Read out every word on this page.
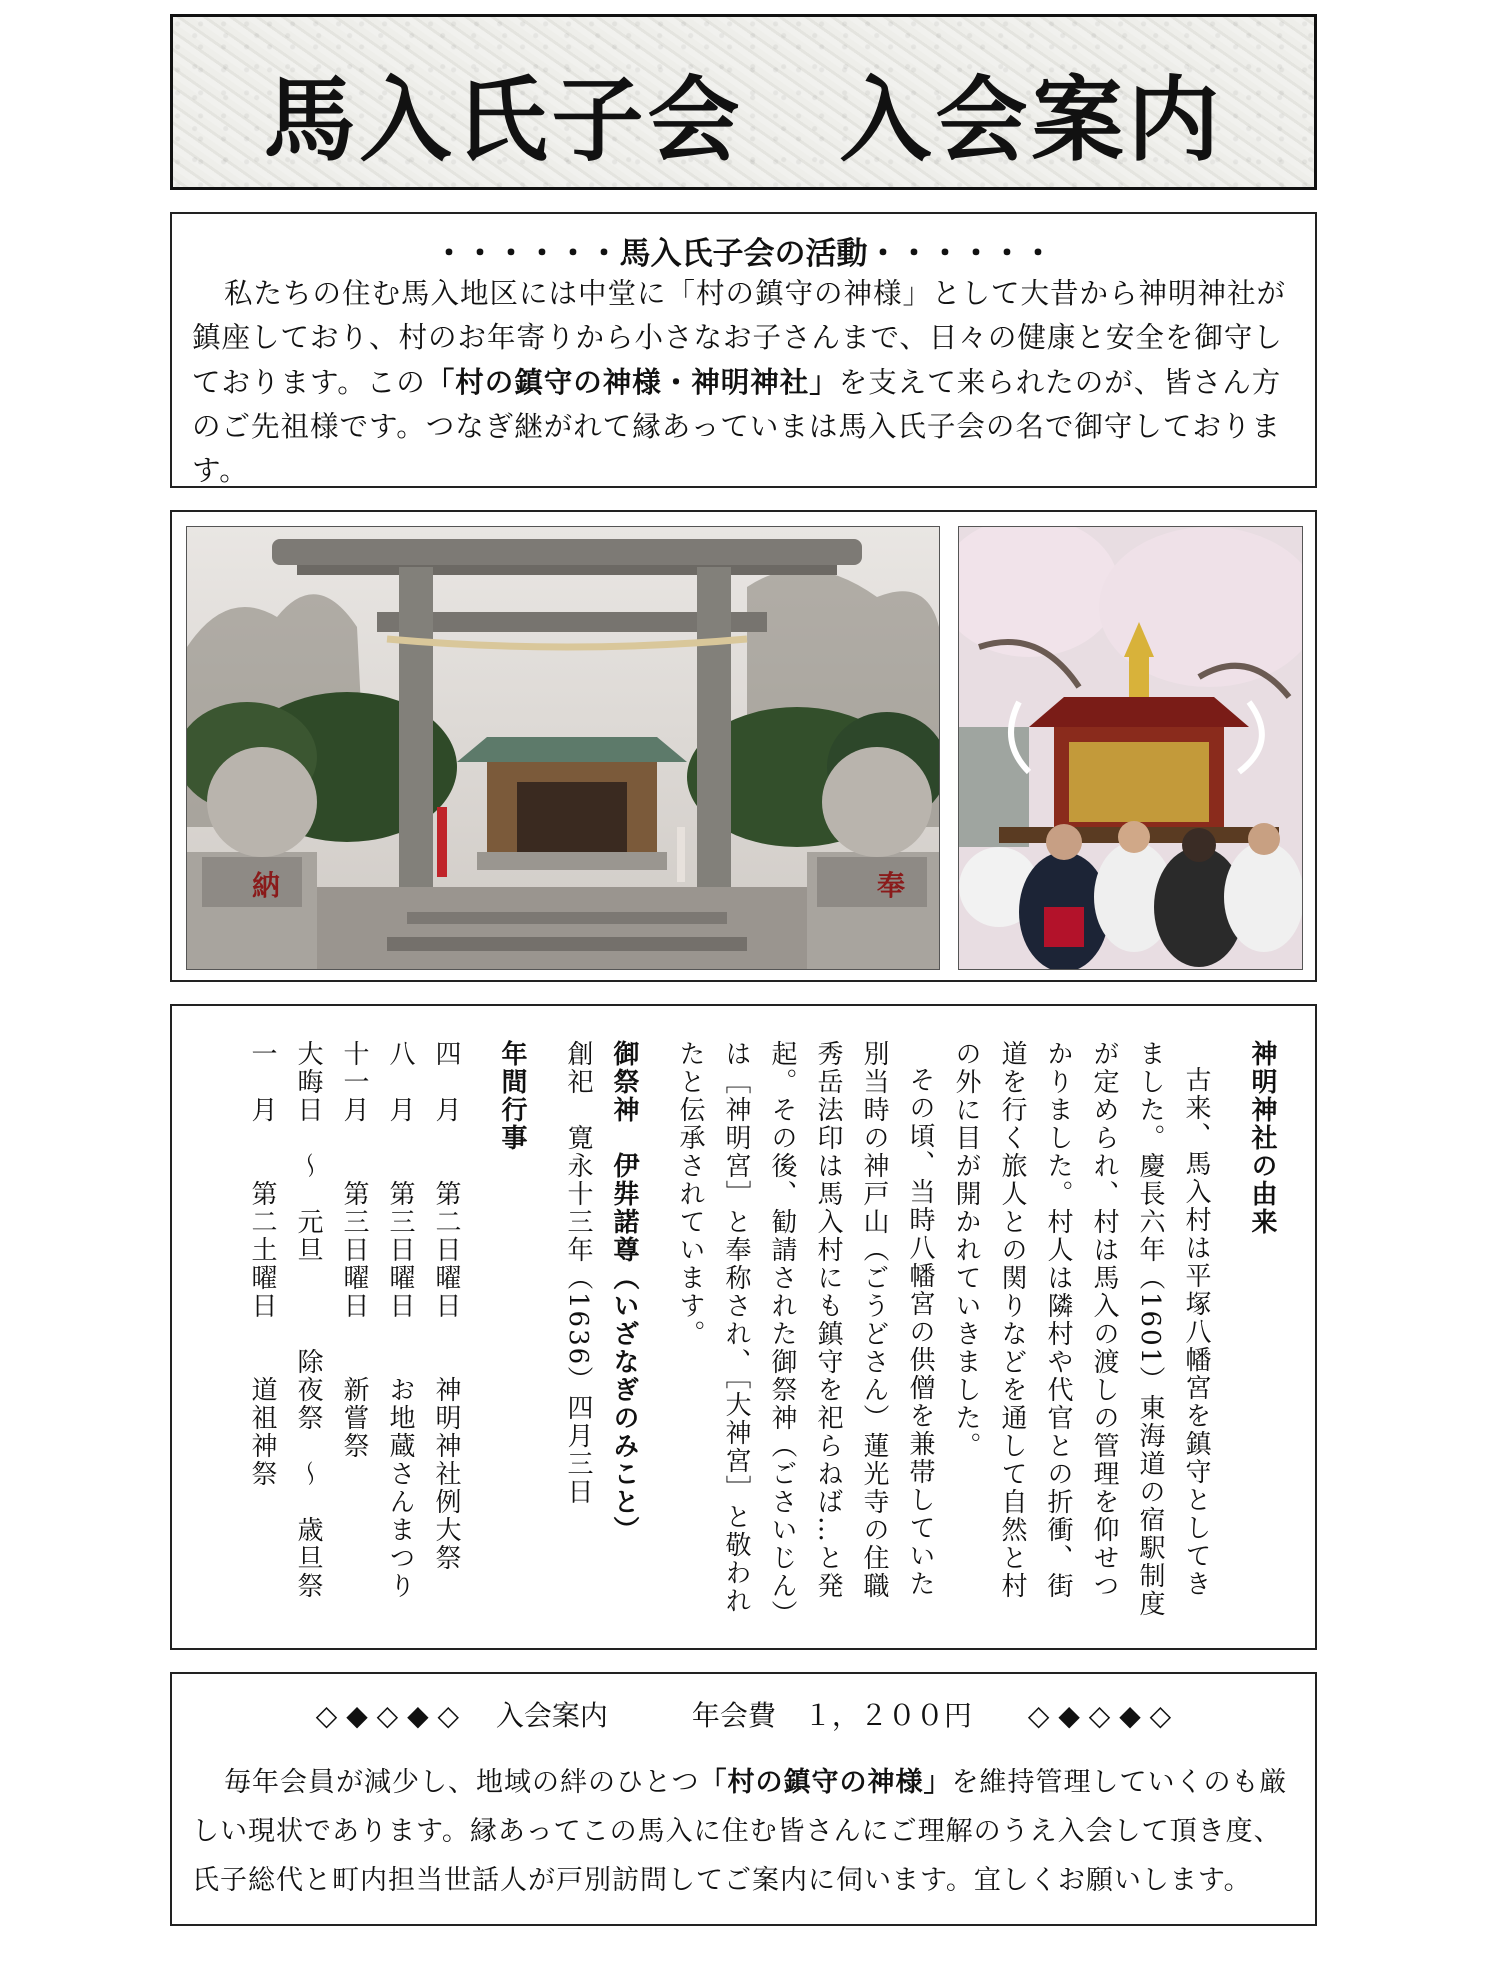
馬入氏子会　入会案内
・・・・・・馬入氏子会の活動・・・・・・
私たちの住む馬入地区には中堂に「村の鎮守の神様」として大昔から神明神社が鎮座しており、村のお年寄りから小さなお子さんまで、日々の健康と安全を御守しております。この「村の鎮守の神様・神明神社」を支えて来られたのが、皆さん方のご先祖様です。つなぎ継がれて縁あっていまは馬入氏子会の名で御守しております。
納	奉
神明神社の由来
古来、馬入村は平塚八幡宮を鎮守としてきました。慶長六年（1601）東海道の宿駅制度が定められ、村は馬入の渡しの管理を仰せつかりました。村人は隣村や代官との折衝、街道を行く旅人との関りなどを通して自然と村の外に目が開かれていきました。
その頃、当時八幡宮の供僧を兼帯していた別当時の神戸山（ごうどさん）蓮光寺の住職秀岳法印は馬入村にも鎮守を祀らねば…と発起。その後、勧請された御祭神（ごさいじん）は［神明宮］と奉称され、［大神宮］と敬われたと伝承されています。
御祭神　伊弉諾尊（いざなぎのみこと）
創祀　寛永十三年（1636）四月三日
年間行事
四　月　　第二日曜日　　神明神社例大祭
八　月　　第三日曜日　　お地蔵さんまつり
十一月　　第三日曜日　　新嘗祭
大晦日　～　元旦　　　除夜祭　～　歳旦祭
一　月　　第二土曜日　　道祖神祭
◇ ◆ ◇ ◆ ◇　 入会案内　　　年会費　１，２００円　　◇ ◆ ◇ ◆ ◇
毎年会員が減少し、地域の絆のひとつ「村の鎮守の神様」を維持管理していくのも厳しい現状であります。縁あってこの馬入に住む皆さんにご理解のうえ入会して頂き度、氏子総代と町内担当世話人が戸別訪問してご案内に伺います。宜しくお願いします。
